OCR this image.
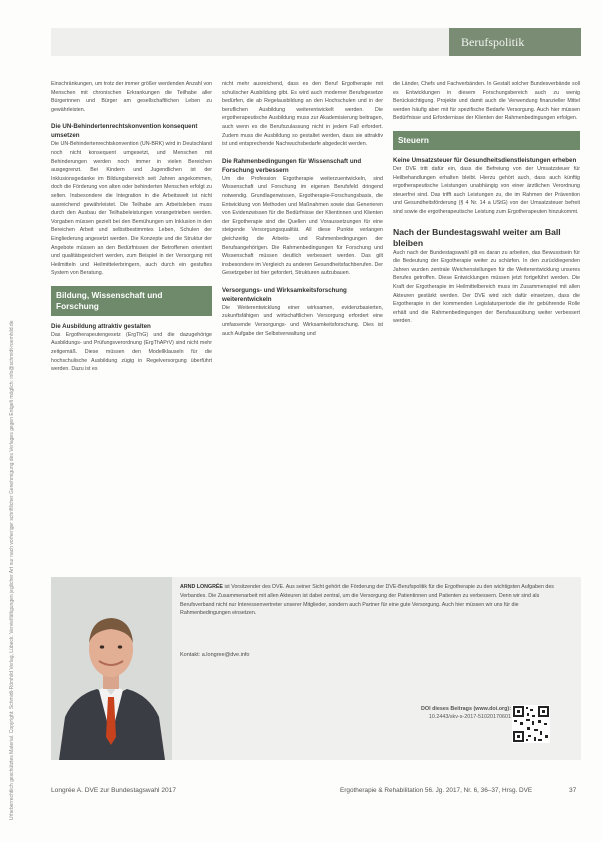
Urheberrechtlich geschütztes Material. Copyright: Schmidt-Römhild Verlag, Lübeck. Vervielfältigungen jeglicher Art nur nach vorheriger schriftlicher Genehmigung des Verlages gegen Entgelt möglich: info@schmidt-roemhild.de
Berufspolitik

Einschränkungen, um trotz der immer größer werdenden Anzahl von Menschen mit chronischen Erkrankungen die Teilhabe aller Bürgerinnen und Bürger am gesellschaftlichen Leben zu gewährleisten.

Die UN-Behindertenrechtskonvention konsequent umsetzen

Die UN-Behindertenrechtskonvention (UN-BRK) wird in Deutschland noch nicht konsequent umgesetzt, und Menschen mit Behinderungen werden noch immer in vielen Bereichen ausgegrenzt. Bei Kindern und Jugendlichen ist der Inklusionsgedanke im Bildungsbereich seit Jahren angekommen, doch die Förderung von alten oder behinderten Menschen erfolgt zu selten. Insbesondere die Integration in die Arbeitswelt ist nicht ausreichend gewährleistet. Die Teilhabe am Arbeitsleben muss durch den Ausbau der Teilhabeleistungen vorangetrieben werden. Vorgaben müssen gezielt bei den Bemühungen um Inklusion in den Bereichen Arbeit und selbstbestimmtes Leben, Schulen der Eingliederung angesetzt werden. Die Konzepte und die Struktur der Angebote müssen an den Bedürfnissen der Betroffenen orientiert und qualitätsgesichert werden, zum Beispiel in der Versorgung mit Heilmitteln und Heilmittelerbringern, auch durch ein gestuftes System von Beratung.

Bildung, Wissenschaft und Forschung
Die Ausbildung attraktiv gestalten

Das Ergotherapeutengesetz (ErgThG) und die dazugehörige Ausbildungs- und Prüfungsverordnung (ErgThAPrV) sind nicht mehr zeitgemäß. Diese müssen den Modellklauseln für die hochschulische Ausbildung zügig in Regelversorgung überführt werden. Dazu ist es

nicht mehr ausreichend, dass es den Beruf Ergotherapie mit schulischer Ausbildung gibt. Es wird auch moderner Berufsgesetze bedürfen, die ab Regelausbildung an den Hochschulen und in der beruflichen Ausbildung weiterentwickelt werden. Die ergotherapeutische Ausbildung muss zur Akademisierung beitragen, auch wenn es die Berufszulassung nicht in jedem Fall erfordert. Zudem muss die Ausbildung so gestaltet werden, dass sie attraktiv ist und entsprechende Nachwuchsbedarfe abgedeckt werden.

Die Rahmenbedingungen für Wissenschaft und Forschung verbessern

Um die Profession Ergotherapie weiterzuentwickeln, sind Wissenschaft und Forschung im eigenen Berufsfeld dringend notwendig. Grundlagenwissen, Ergotherapie-Forschungsbasis, die Entwicklung von Methoden und Maßnahmen sowie das Generieren von Evidenzwissen für die Bedürfnisse der Klientinnen und Klienten der Ergotherapie sind die Quellen und Voraussetzungen für eine steigende Versorgungsqualität. All diese Punkte verlangen gleichzeitig die Arbeits- und Rahmenbedingungen der Berufsangehörigen. Die Rahmenbedingungen für Forschung und Wissenschaft müssen deutlich verbessert werden. Das gilt insbesondere im Vergleich zu anderen Gesundheitsfachberufen. Der Gesetzgeber ist hier gefordert, Strukturen aufzubauen.

Versorgungs- und Wirksamkeitsforschung weiterentwickeln

Die Weiterentwicklung einer wirksamen, evidenzbasierten, zukunftsfähigen und wirtschaftlichen Versorgung erfordert eine umfassende Versorgungs- und Wirksamkeitsforschung. Dies ist auch Aufgabe der Selbstverwaltung und

die Länder, Chefs und Fachverbänden. In Gestalt solcher Bundesverbände soll es Entwicklungen in diesem Forschungsbereich auch zu wenig Berücksichtigung. Projekte und damit auch die Verwendung finanzieller Mittel werden häufig aber mit für spezifische Bedarfe Versorgung. Auch hier müssen Bedürfnisse und Erfordernisse der Klienten der Rahmenbedingungen erfolgen.

Steuern
Keine Umsatzsteuer für Gesundheitsdienstleistungen erheben

Der DVE tritt dafür ein, dass die Befreiung von der Umsatzsteuer für Heilbehandlungen erhalten bleibt. Hierzu gehört auch, dass auch künftig ergotherapeutische Leistungen unabhängig von einer ärztlichen Verordnung steuerfrei sind. Das trifft auch Leistungen zu, die im Rahmen der Prävention und Gesundheitsförderung (§ 4 Nr. 14 a UStG) von der Umsatzsteuer befreit sind sowie die ergotherapeutische Leistung zum Ergotherapeuten hinzukommt.

Nach der Bundestagswahl weiter am Ball bleiben

Auch nach der Bundestagswahl gilt es daran zu arbeiten, das Bewusstsein für die Bedeutung der Ergotherapie weiter zu schärfen. In den zurückliegenden Jahren wurden zentrale Weichenstellungen für die Weiterentwicklung unseres Berufes getroffen. Diese Entwicklungen müssen jetzt fortgeführt werden. Die Kraft der Ergotherapie im Heilmittelbereich muss im Zusammenspiel mit allen Akteuren gestärkt werden. Der DVE wird sich dafür einsetzen, dass die Ergotherapie in der kommenden Legislaturperiode die ihr gebührende Rolle erhält und die Rahmenbedingungen der Berufsausübung weiter verbessert werden.

ARND LONGRÉE ist Vorsitzender des DVE. Aus seiner Sicht gehört die Förderung der DVE-Berufspolitik für die Ergotherapie zu den wichtigsten Aufgaben des Verbandes. Die Zusammenarbeit mit allen Akteuren ist dabei zentral, um die Versorgung der Patientinnen und Patienten zu verbessern. Denn wir sind als Berufsverband nicht nur Interessenvertreter unserer Mitglieder, sondern auch Partner für eine gute Versorgung. Auch hier müssen wir uns für die Rahmenbedingungen einsetzen.
Kontakt: a.longree@dve.info
DOI dieses Beitrags (www.doi.org):
10.2443/skv-s-2017-51020170601
Longrée A. DVE zur Bundestagswahl 2017	Ergotherapie & Rehabilitation 56. Jg. 2017, Nr. 6, 36–37, Hrsg. DVE	37
